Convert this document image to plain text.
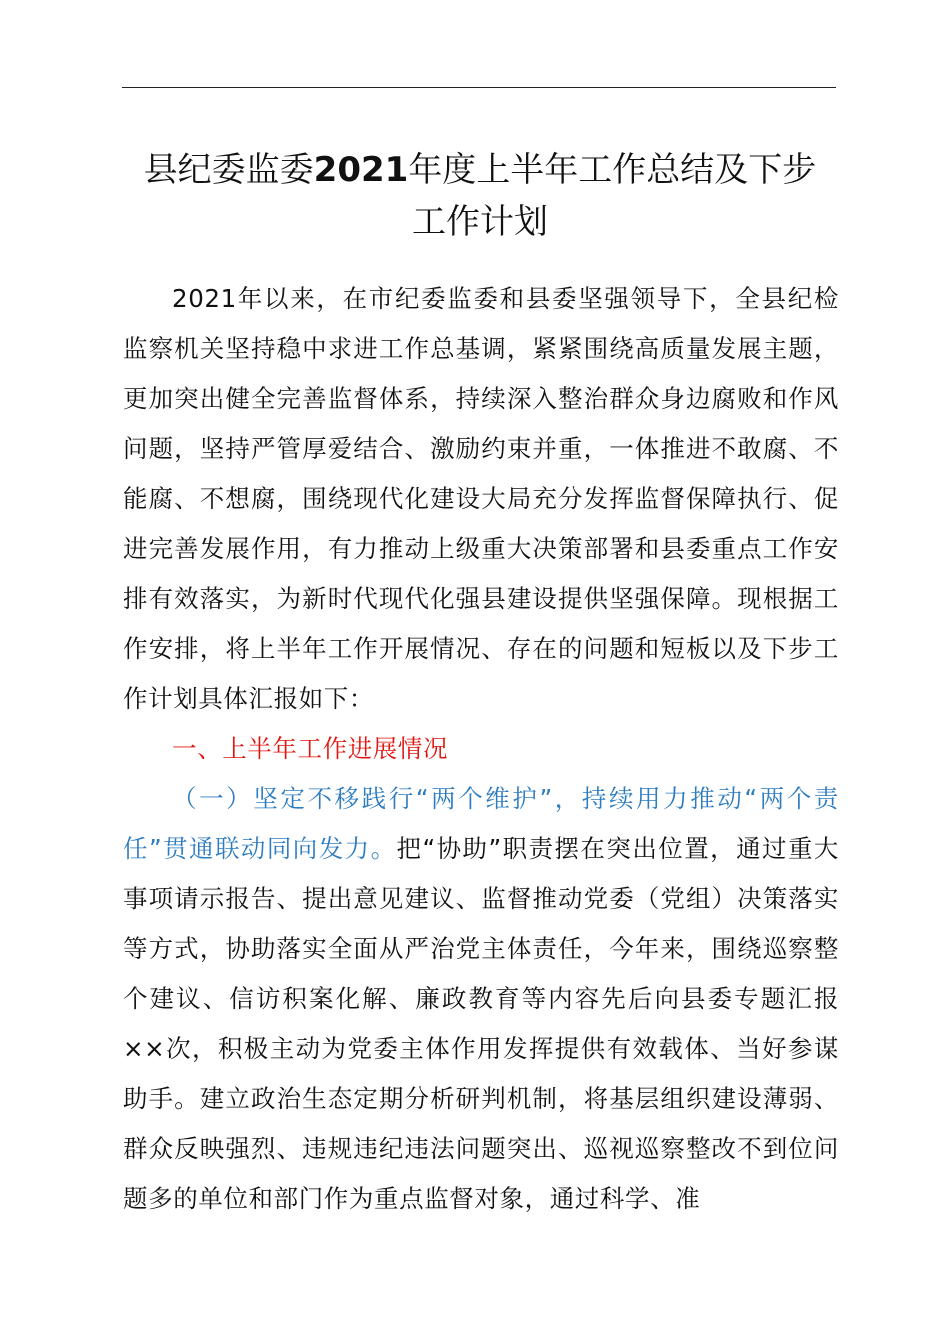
县纪委监委2021年度上半年工作总结及下步
工作计划

2021年以来，在市纪委监委和县委坚强领导下，全县纪检监察机关坚持稳中求进工作总基调，紧紧围绕高质量发展主题，更加突出健全完善监督体系，持续深入整治群众身边腐败和作风问题，坚持严管厚爱结合、激励约束并重，一体推进不敢腐、不能腐、不想腐，围绕现代化建设大局充分发挥监督保障执行、促进完善发展作用，有力推动上级重大决策部署和县委重点工作安排有效落实，为新时代现代化强县建设提供坚强保障。现根据工作安排，将上半年工作开展情况、存在的问题和短板以及下步工作计划具体汇报如下：

一、上半年工作进展情况

（一）坚定不移践行“两个维护”，持续用力推动“两个责任”贯通联动同向发力。把“协助”职责摆在突出位置，通过重大事项请示报告、提出意见建议、监督推动党委（党组）决策落实等方式，协助落实全面从严治党主体责任，今年来，围绕巡察整个建议、信访积案化解、廉政教育等内容先后向县委专题汇报××次，积极主动为党委主体作用发挥提供有效载体、当好参谋助手。建立政治生态定期分析研判机制，将基层组织建设薄弱、群众反映强烈、违规违纪违法问题突出、巡视巡察整改不到位问题多的单位和部门作为重点监督对象，通过科学、准
